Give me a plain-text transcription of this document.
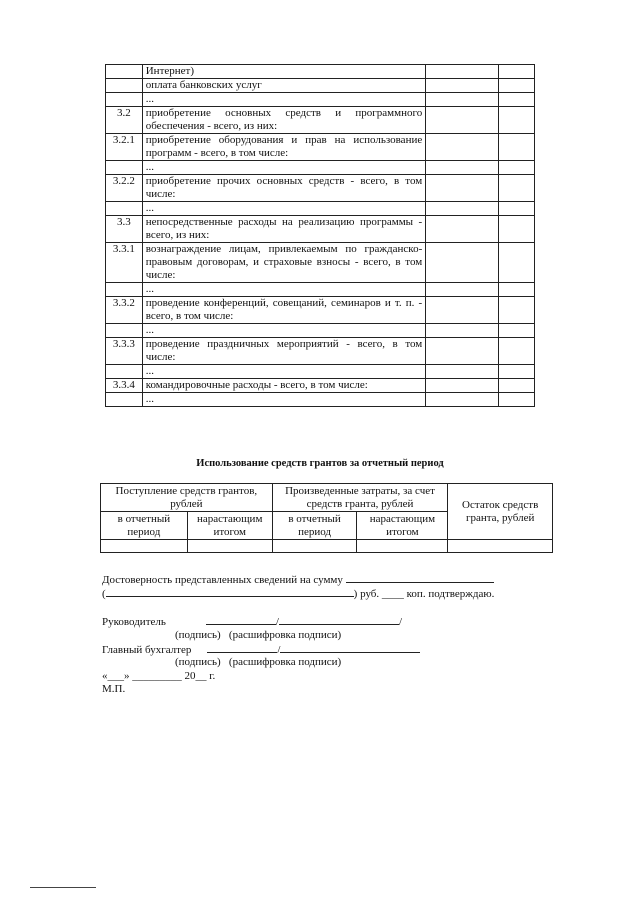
	Интернет)		
	оплата банковских услуг		
	...		
3.2	приобретение основных средств и программного обеспечения - всего, из них:		
3.2.1	приобретение оборудования и прав на использование программ - всего, в том числе:		
	...		
3.2.2	приобретение прочих основных средств - всего, в том числе:		
	...		
3.3	непосредственные расходы на реализацию программы - всего, из них:		
3.3.1	вознаграждение лицам, привлекаемым по гражданско-правовым договорам, и страховые взносы - всего, в том числе:		
	...		
3.3.2	проведение конференций, совещаний, семинаров и т. п. - всего, в том числе:		
	...		
3.3.3	проведение праздничных мероприятий - всего, в том числе:		
	...		
3.3.4	командировочные расходы - всего, в том числе:		
	...		
Использование средств грантов за отчетный период
Поступление средств грантов, рублей		Произведенные затраты, за счет средств гранта, рублей		Остаток средств гранта, рублей
в отчетный период	нарастающим итогом	в отчетный период	нарастающим итогом	

Достоверность представленных сведений на сумму
(	) руб. ____ коп. подтверждаю.
Руководитель	/	/
(подпись) (расшифровка подписи)
Главный бухгалтер	/
(подпись) (расшифровка подписи)
«___» _________ 20__ г.
М.П.
